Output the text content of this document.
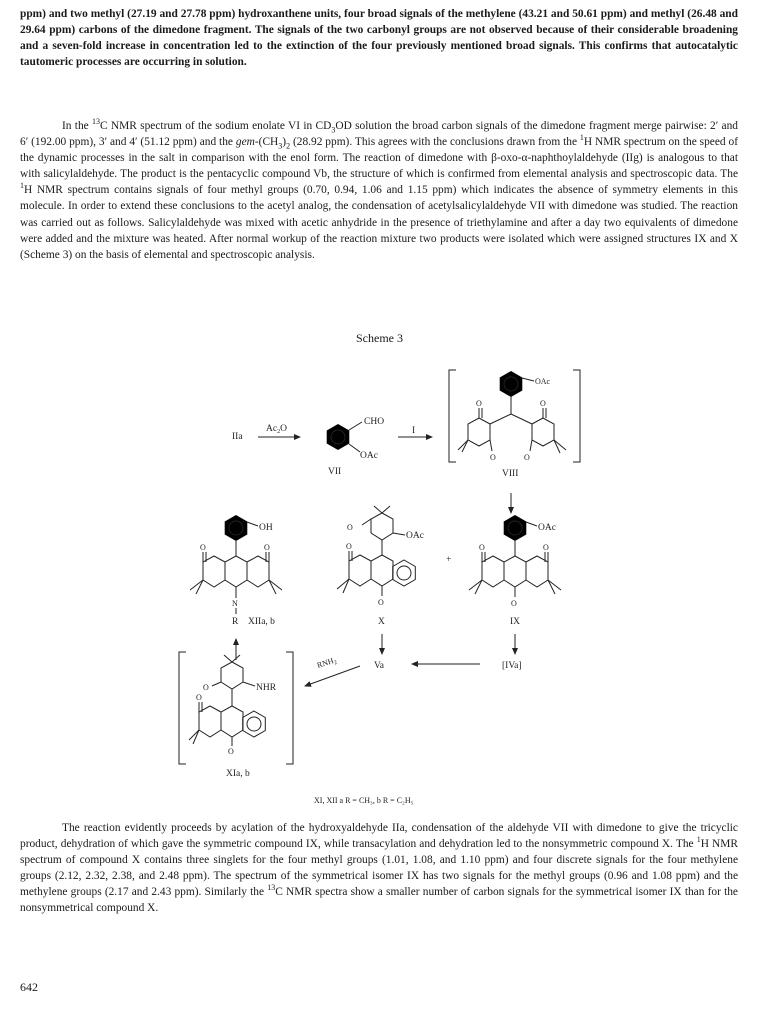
ppm) and two methyl (27.19 and 27.78 ppm) hydroxanthene units, four broad signals of the methylene (43.21 and 50.61 ppm) and methyl (26.48 and 29.64 ppm) carbons of the dimedone fragment. The signals of the two carbonyl groups are not observed because of their considerable broadening and a seven-fold increase in concentration led to the extinction of the four previously mentioned broad signals. This confirms that autocatalytic tautomeric processes are occurring in solution.

In the $^{13}$C NMR spectrum of the sodium enolate VI in $CD_3OD$ solution the broad carbon signals of the dimedone fragment merge pairwise: 2′ and 6′ (192.00 ppm), 3′ and 4′ (51.12 ppm) and the gem-$(CH_3)_2$ (28.92 ppm). This agrees with the conclusions drawn from the $^1$H NMR spectrum on the speed of the dynamic processes in the salt in comparison with the enol form. The reaction of dimedone with β-oxo-α-naphthoylaldehyde (IIg) is analogous to that with salicylaldehyde. The product is the pentacyclic compound Vb, the structure of which is confirmed from elemental analysis and spectroscopic data. The $^1$H NMR spectrum contains signals of four methyl groups (0.70, 0.94, 1.06 and 1.15 ppm) which indicates the absence of symmetry elements in this molecule. In order to extend these conclusions to the acetyl analog, the condensation of acetylsalicylaldehyde VII with dimedone was studied. The reaction was carried out as follows. Salicylaldehyde was mixed with acetic anhydride in the presence of triethylamine and after a day two equivalents of dimedone were added and the mixture was heated. After normal workup of the reaction mixture two products were isolated which were assigned structures IX and X (Scheme 3) on the basis of elemental and spectroscopic analysis.

Scheme 3

IIa
$Ac_2O$
CHO
OAc
VII
I
OAc
O	O
O	O
VIII
OH
O	O
N
R XIIa, b
OAc
O
O
O
X
+
OAc
O	O
O
IX
Va	[IVa]
$RNH_2$
NHR
O
O
O
XIa, b
XI, XII a R = CH₃, b R = C₂H₅

The reaction evidently proceeds by acylation of the hydroxyaldehyde IIa, condensation of the aldehyde VII with dimedone to give the tricyclic product, dehydration of which gave the symmetric compound IX, while transacylation and dehydration led to the nonsymmetric compound X. The $^1$H NMR spectrum of compound X contains three singlets for the four methyl groups (1.01, 1.08, and 1.10 ppm) and four discrete signals for the four methylene groups (2.12, 2.32, 2.38, and 2.48 ppm). The spectrum of the symmetrical isomer IX has two signals for the methyl groups (0.96 and 1.08 ppm) and the methylene groups (2.17 and 2.43 ppm). Similarly the $^{13}$C NMR spectra show a smaller number of carbon signals for the symmetrical isomer IX than for the nonsymmetrical compound X.

642
